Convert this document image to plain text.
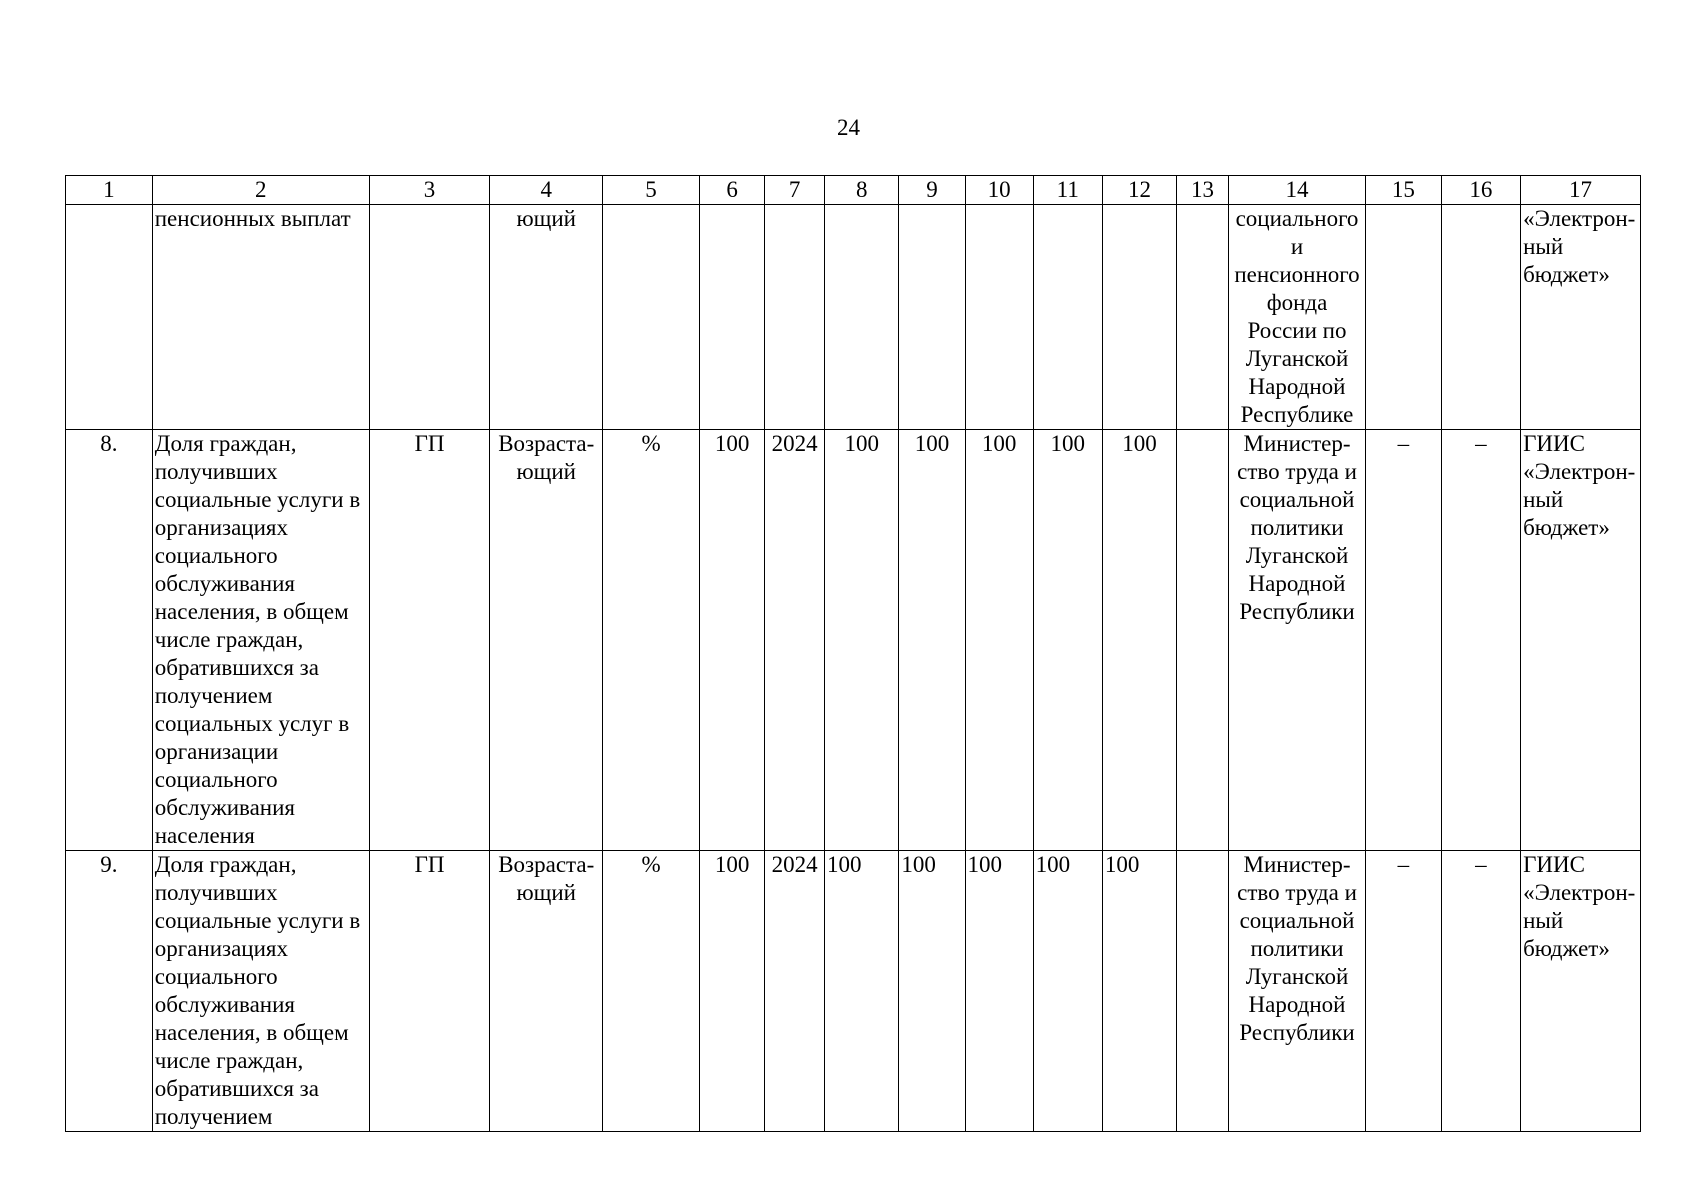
24
1	2	3	4	5	6	7	8	9	10	11	12	13	14	15	16	17
	пенсионных выплат		ющий										социального и пенсионного фонда России по Луганской Народной Республике			«Электрон-ный бюджет»
8.	Доля граждан, получивших социальные услуги в организациях социального обслуживания населения, в общем числе граждан, обратившихся за получением социальных услуг в организации социального обслуживания населения	ГП	Возраста-ющий	%	100	2024	100	100	100	100	100		Министер-ство труда и социальной политики Луганской Народной Республики	–	–	ГИИС «Электрон-ный бюджет»
9.	Доля граждан, получивших социальные услуги в организациях социального обслуживания населения, в общем числе граждан, обратившихся за получением	ГП	Возраста-ющий	%	100	2024	100	100	100	100	100		Министер-ство труда и социальной политики Луганской Народной Республики	–	–	ГИИС «Электрон-ный бюджет»
